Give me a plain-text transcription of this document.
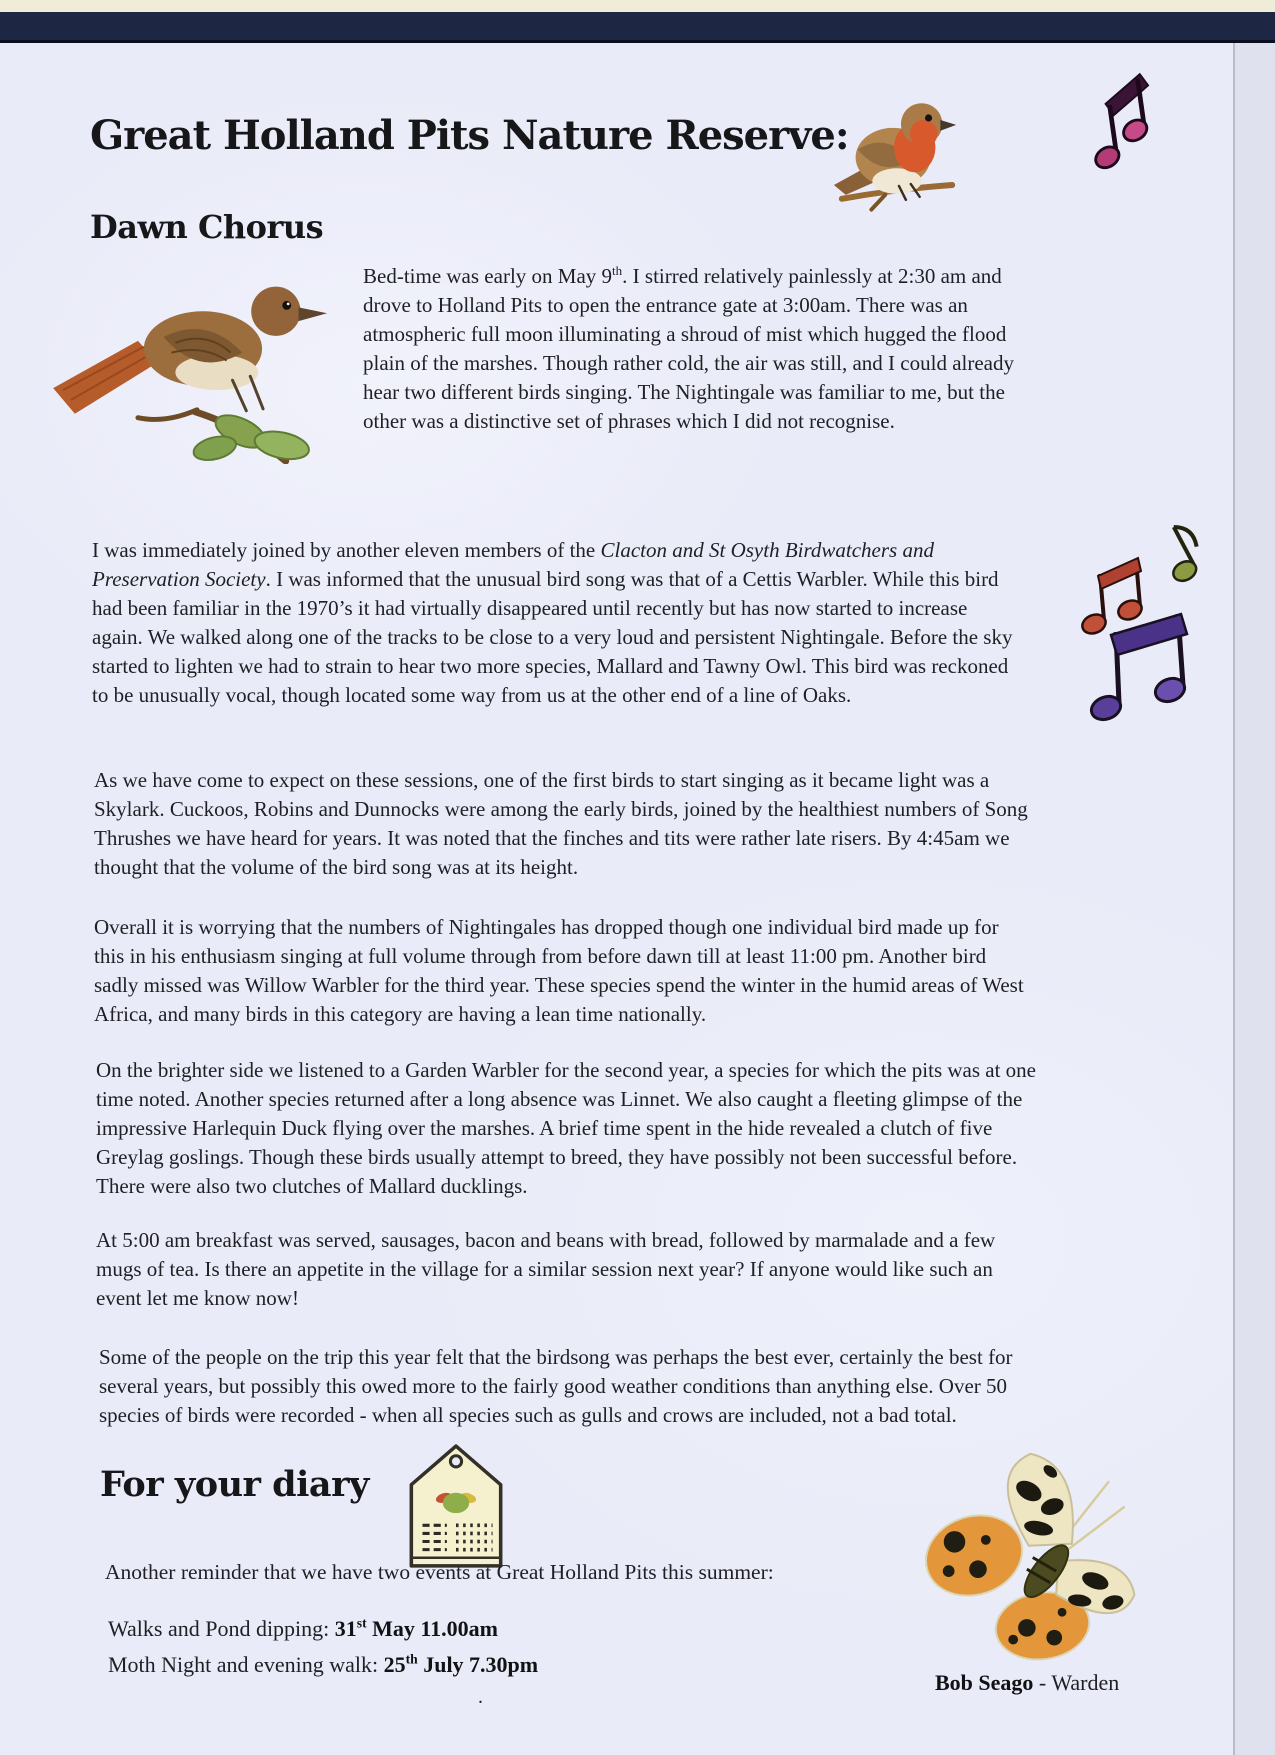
Great Holland Pits Nature Reserve:
Dawn Chorus
Bed-time was early on May 9th. I stirred relatively painlessly at 2:30 am and drove to Holland Pits to open the entrance gate at 3:00am. There was an atmospheric full moon illuminating a shroud of mist which hugged the flood plain of the marshes. Though rather cold, the air was still, and I could already hear two different birds singing. The Nightingale was familiar to me, but the other was a distinctive set of phrases which I did not recognise.
I was immediately joined by another eleven members of the Clacton and St Osyth Birdwatchers and Preservation Society. I was informed that the unusual bird song was that of a Cettis Warbler. While this bird had been familiar in the 1970’s it had virtually disappeared until recently but has now started to increase again. We walked along one of the tracks to be close to a very loud and persistent Nightingale. Before the sky started to lighten we had to strain to hear two more species, Mallard and Tawny Owl. This bird was reckoned to be unusually vocal, though located some way from us at the other end of a line of Oaks.
As we have come to expect on these sessions, one of the first birds to start singing as it became light was a Skylark. Cuckoos, Robins and Dunnocks were among the early birds, joined by the healthiest numbers of Song Thrushes we have heard for years. It was noted that the finches and tits were rather late risers. By 4:45am we thought that the volume of the bird song was at its height.
Overall it is worrying that the numbers of Nightingales has dropped though one individual bird made up for this in his enthusiasm singing at full volume through from before dawn till at least 11:00 pm. Another bird sadly missed was Willow Warbler for the third year. These species spend the winter in the humid areas of West Africa, and many birds in this category are having a lean time nationally.
On the brighter side we listened to a Garden Warbler for the second year, a species for which the pits was at one time noted. Another species returned after a long absence was Linnet. We also caught a fleeting glimpse of the impressive Harlequin Duck flying over the marshes. A brief time spent in the hide revealed a clutch of five Greylag goslings. Though these birds usually attempt to breed, they have possibly not been successful before. There were also two clutches of Mallard ducklings.
At 5:00 am breakfast was served, sausages, bacon and beans with bread, followed by marmalade and a few mugs of tea. Is there an appetite in the village for a similar session next year? If anyone would like such an event let me know now!
Some of the people on the trip this year felt that the birdsong was perhaps the best ever, certainly the best for several years, but possibly this owed more to the fairly good weather conditions than anything else. Over 50 species of birds were recorded - when all species such as gulls and crows are included, not a bad total.
For your diary
Another reminder that we have two events at Great Holland Pits this summer:
Walks and Pond dipping: 31st May 11.00am
Moth Night and evening walk: 25th July 7.30pm
Bob Seago - Warden
.
